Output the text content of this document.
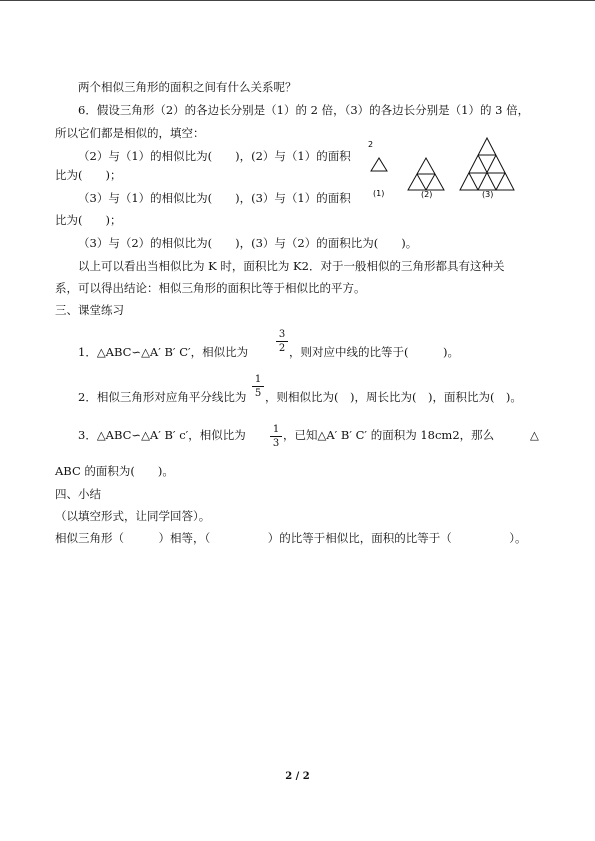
两个相似三角形的面积之间有什么关系呢？
6．假设三角形（2）的各边长分别是（1）的 2 倍，（3）的各边长分别是（1）的 3 倍，
所以它们都是相似的，填空：
（2）与（1）的相似比为(　　)，(2）与（1）的面积
比为(　　)；
（3）与（1）的相似比为(　　)，(3）与（1）的面积
比为(　　)；
（3）与（2）的相似比为(　　)，(3）与（2）的面积比为(　　)。
2
(1)	(2)	(3)
以上可以看出当相似比为 K 时，面积比为 K2．对于一般相似的三角形都具有这种关
系，可以得出结论：相似三角形的面积比等于相似比的平方。
三、课堂练习
1．△ABC∽△A′ B′ C′，相似比为	$\frac{3}{2}$ ，则对应中线的比等于(　　　)。
2．相似三角形对应角平分线比为 $\frac{1}{5}$ ，则相似比为(　)，周长比为(　)，面积比为(　)。
3．△ABC∽△A′ B′ c′，相似比为 $\frac{1}{3}$ ，已知△A′ B′ C′ 的面积为 18cm2，那么	△
ABC 的面积为(　　)。
四、小结
（以填空形式，让同学回答）。
相似三角形（　　　）相等，（　　　　　）的比等于相似比，面积的比等于（　　　　　）。
2 / 2
